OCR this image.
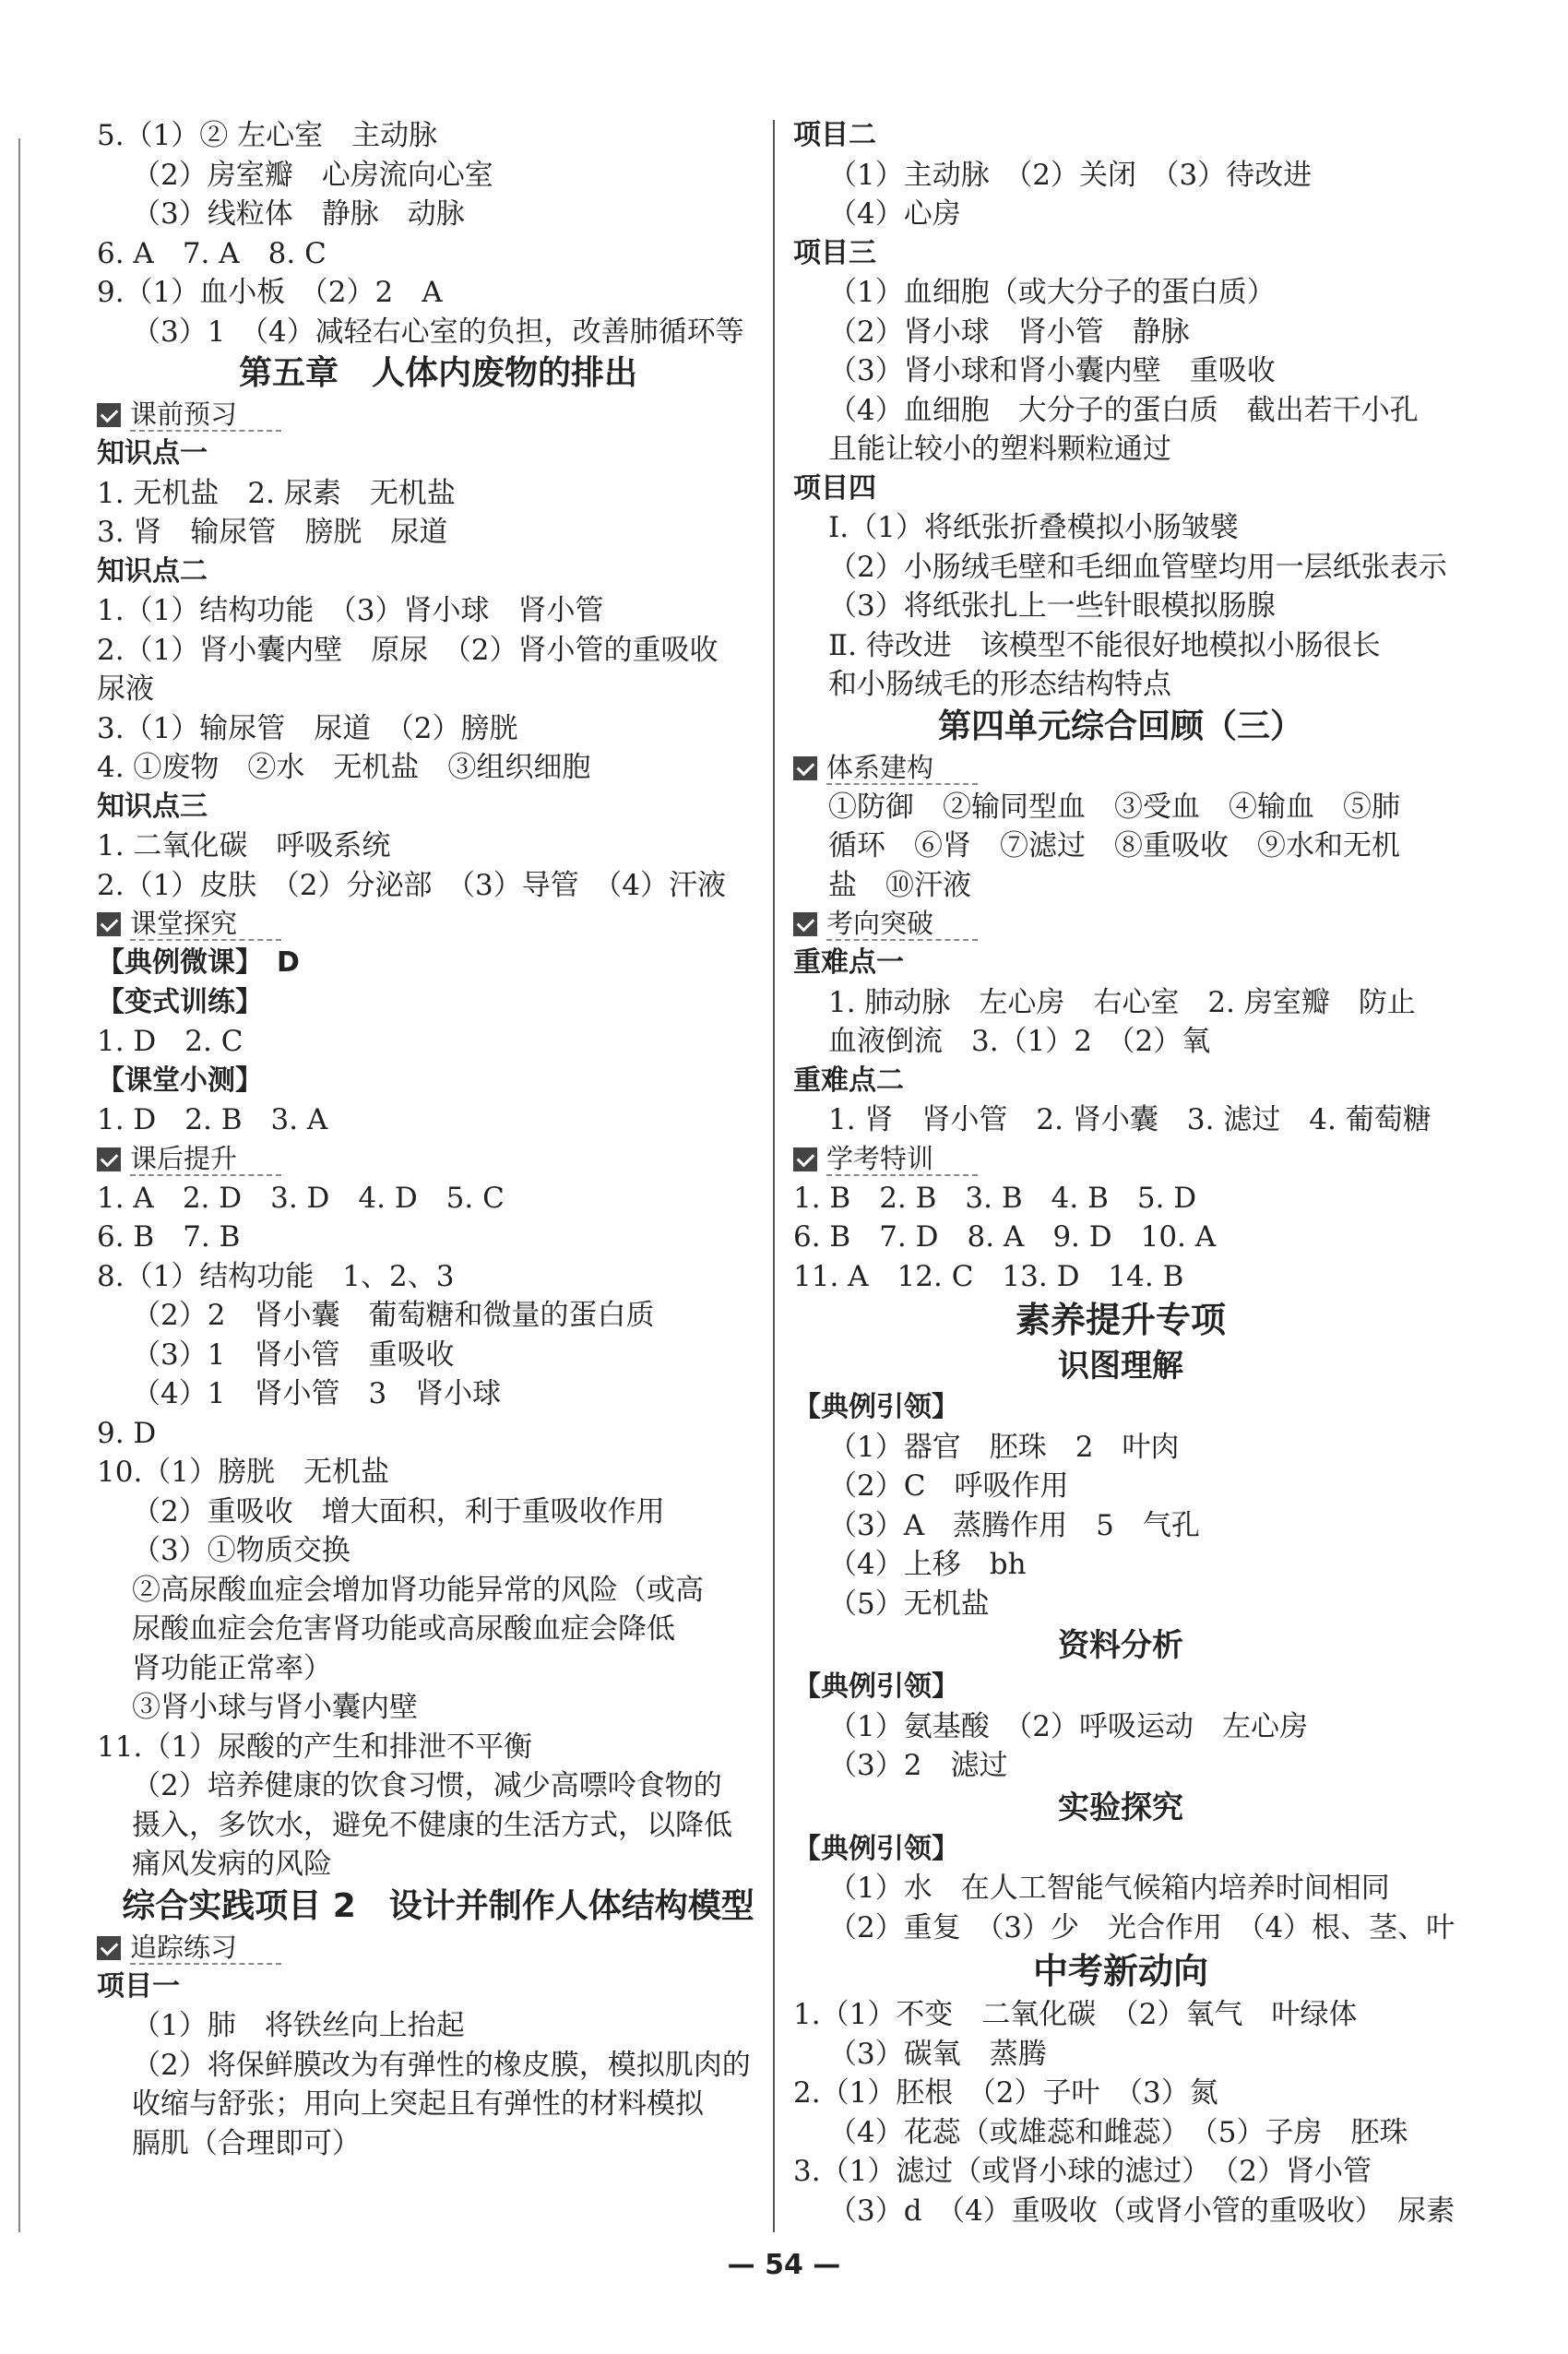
5.（1）② 左心室　主动脉
（2）房室瓣　心房流向心室
（3）线粒体　静脉　动脉
6. A　7. A　8. C
9.（1）血小板　（2）2　A
（3）1　（4）减轻右心室的负担，改善肺循环等
第五章　人体内废物的排出
课前预习
知识点一
1. 无机盐　2. 尿素　无机盐
3. 肾　输尿管　膀胱　尿道
知识点二
1.（1）结构功能　（3）肾小球　肾小管
2.（1）肾小囊内壁　原尿　（2）肾小管的重吸收
尿液
3.（1）输尿管　尿道　（2）膀胱
4. ①废物　②水　无机盐　③组织细胞
知识点三
1. 二氧化碳　呼吸系统
2.（1）皮肤　（2）分泌部　（3）导管　（4）汗液
课堂探究
【典例微课】　D
【变式训练】
1. D　2. C
【课堂小测】
1. D　2. B　3. A
课后提升
1. A　2. D　3. D　4. D　5. C
6. B　7. B
8.（1）结构功能　1、2、3
（2）2　肾小囊　葡萄糖和微量的蛋白质
（3）1　肾小管　重吸收
（4）1　肾小管　3　肾小球
9. D
10.（1）膀胱　无机盐
（2）重吸收　增大面积，利于重吸收作用
（3）①物质交换
②高尿酸血症会增加肾功能异常的风险（或高
尿酸血症会危害肾功能或高尿酸血症会降低
肾功能正常率）
③肾小球与肾小囊内壁
11.（1）尿酸的产生和排泄不平衡
（2）培养健康的饮食习惯，减少高嘌呤食物的
摄入，多饮水，避免不健康的生活方式，以降低
痛风发病的风险
综合实践项目 2　设计并制作人体结构模型
追踪练习
项目一
（1）肺　将铁丝向上抬起
（2）将保鲜膜改为有弹性的橡皮膜，模拟肌肉的
收缩与舒张；用向上突起且有弹性的材料模拟
膈肌（合理即可）
项目二
（1）主动脉　（2）关闭　（3）待改进
（4）心房
项目三
（1）血细胞（或大分子的蛋白质）
（2）肾小球　肾小管　静脉
（3）肾小球和肾小囊内壁　重吸收
（4）血细胞　大分子的蛋白质　截出若干小孔
且能让较小的塑料颗粒通过
项目四
Ⅰ.（1）将纸张折叠模拟小肠皱襞
（2）小肠绒毛壁和毛细血管壁均用一层纸张表示
（3）将纸张扎上一些针眼模拟肠腺
Ⅱ. 待改进　该模型不能很好地模拟小肠很长
和小肠绒毛的形态结构特点
第四单元综合回顾（三）
体系建构
①防御　②输同型血　③受血　④输血　⑤肺
循环　⑥肾　⑦滤过　⑧重吸收　⑨水和无机
盐　⑩汗液
考向突破
重难点一
1. 肺动脉　左心房　右心室　2. 房室瓣　防止
血液倒流　3.（1）2　（2）氧
重难点二
1. 肾　肾小管　2. 肾小囊　3. 滤过　4. 葡萄糖
学考特训
1. B　2. B　3. B　4. B　5. D
6. B　7. D　8. A　9. D　10. A
11. A　12. C　13. D　14. B
素养提升专项
识图理解
【典例引领】
（1）器官　胚珠　2　叶肉
（2）C　呼吸作用
（3）A　蒸腾作用　5　气孔
（4）上移　bh
（5）无机盐
资料分析
【典例引领】
（1）氨基酸　（2）呼吸运动　左心房
（3）2　滤过
实验探究
【典例引领】
（1）水　在人工智能气候箱内培养时间相同
（2）重复　（3）少　光合作用　（4）根、茎、叶
中考新动向
1.（1）不变　二氧化碳　（2）氧气　叶绿体
（3）碳氧　蒸腾
2.（1）胚根　（2）子叶　（3）氮
（4）花蕊（或雄蕊和雌蕊）　（5）子房　胚珠
3.（1）滤过（或肾小球的滤过）　（2）肾小管
（3）d　（4）重吸收（或肾小管的重吸收）　尿素
— 54 —
